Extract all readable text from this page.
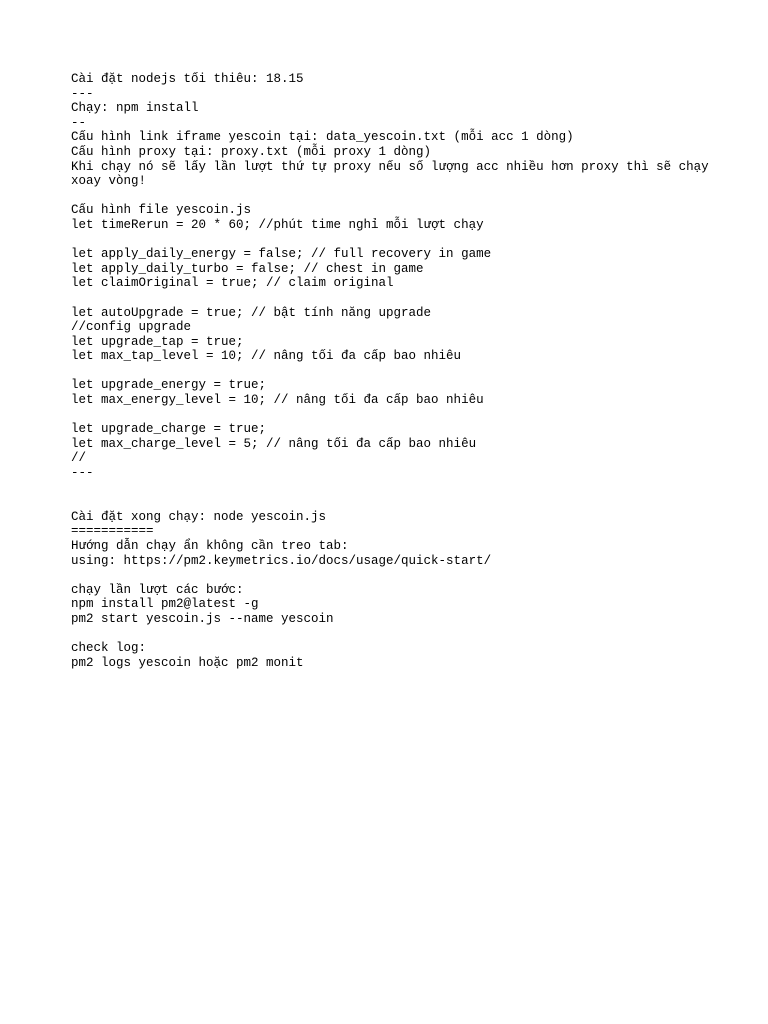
Cài đặt nodejs tối thiêu: 18.15
---
Chạy: npm install
--
Cấu hình link iframe yescoin tại: data_yescoin.txt (mỗi acc 1 dòng)
Cấu hình proxy tại: proxy.txt (mỗi proxy 1 dòng)
Khi chạy nó sẽ lấy lần lượt thứ tự proxy nếu số lượng acc nhiều hơn proxy thì sẽ chạy xoay vòng!
Cấu hình file yescoin.js
let timeRerun = 20 * 60; //phút time nghỉ mỗi lượt chạy
let apply_daily_energy = false; // full recovery in game
let apply_daily_turbo = false; // chest in game
let claimOriginal = true; // claim original
let autoUpgrade = true; // bật tính năng upgrade
//config upgrade
let upgrade_tap = true;
let max_tap_level = 10; // nâng tối đa cấp bao nhiêu
let upgrade_energy = true;
let max_energy_level = 10; // nâng tối đa cấp bao nhiêu
let upgrade_charge = true;
let max_charge_level = 5; // nâng tối đa cấp bao nhiêu
//
---
Cài đặt xong chạy: node yescoin.js
===========
Hướng dẫn chạy ẩn không cần treo tab:
using: https://pm2.keymetrics.io/docs/usage/quick-start/
chạy lần lượt các bước:
npm install pm2@latest -g
pm2 start yescoin.js --name yescoin
check log:
pm2 logs yescoin hoặc pm2 monit
